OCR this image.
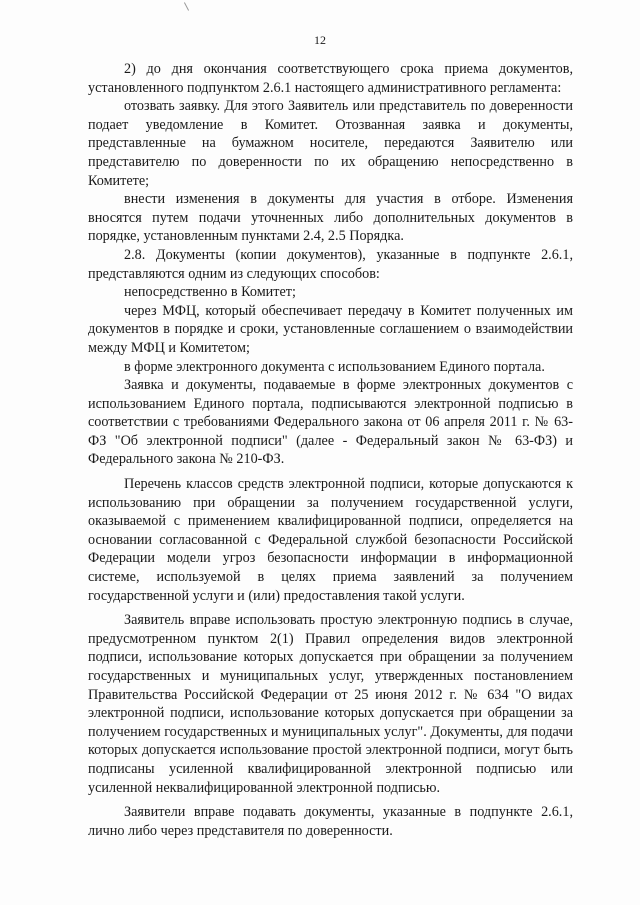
12

2) до дня окончания соответствующего срока приема документов, установленного подпунктом 2.6.1 настоящего административного регламента:

отозвать заявку. Для этого Заявитель или представитель по доверенности подает уведомление в Комитет. Отозванная заявка и документы, представленные на бумажном носителе, передаются Заявителю или представителю по доверенности по их обращению непосредственно в Комитете;

внести изменения в документы для участия в отборе. Изменения вносятся путем подачи уточненных либо дополнительных документов в порядке, установленным пунктами 2.4, 2.5 Порядка.

2.8. Документы (копии документов), указанные в подпункте 2.6.1, представляются одним из следующих способов:

непосредственно в Комитет;

через МФЦ, который обеспечивает передачу в Комитет полученных им документов в порядке и сроки, установленные соглашением о взаимодействии между МФЦ и Комитетом;

в форме электронного документа с использованием Единого портала.

Заявка и документы, подаваемые в форме электронных документов с использованием Единого портала, подписываются электронной подписью в соответствии с требованиями Федерального закона от 06 апреля 2011 г. № 63-ФЗ "Об электронной подписи" (далее - Федеральный закон № 63-ФЗ) и Федерального закона № 210-ФЗ.

Перечень классов средств электронной подписи, которые допускаются к использованию при обращении за получением государственной услуги, оказываемой с применением квалифицированной подписи, определяется на основании согласованной с Федеральной службой безопасности Российской Федерации модели угроз безопасности информации в информационной системе, используемой в целях приема заявлений за получением государственной услуги и (или) предоставления такой услуги.

Заявитель вправе использовать простую электронную подпись в случае, предусмотренном пунктом 2(1) Правил определения видов электронной подписи, использование которых допускается при обращении за получением государственных и муниципальных услуг, утвержденных постановлением Правительства Российской Федерации от 25 июня 2012 г. № 634 "О видах электронной подписи, использование которых допускается при обращении за получением государственных и муниципальных услуг". Документы, для подачи которых допускается использование простой электронной подписи, могут быть подписаны усиленной квалифицированной электронной подписью или усиленной неквалифицированной электронной подписью.

Заявители вправе подавать документы, указанные в подпункте 2.6.1, лично либо через представителя по доверенности.
